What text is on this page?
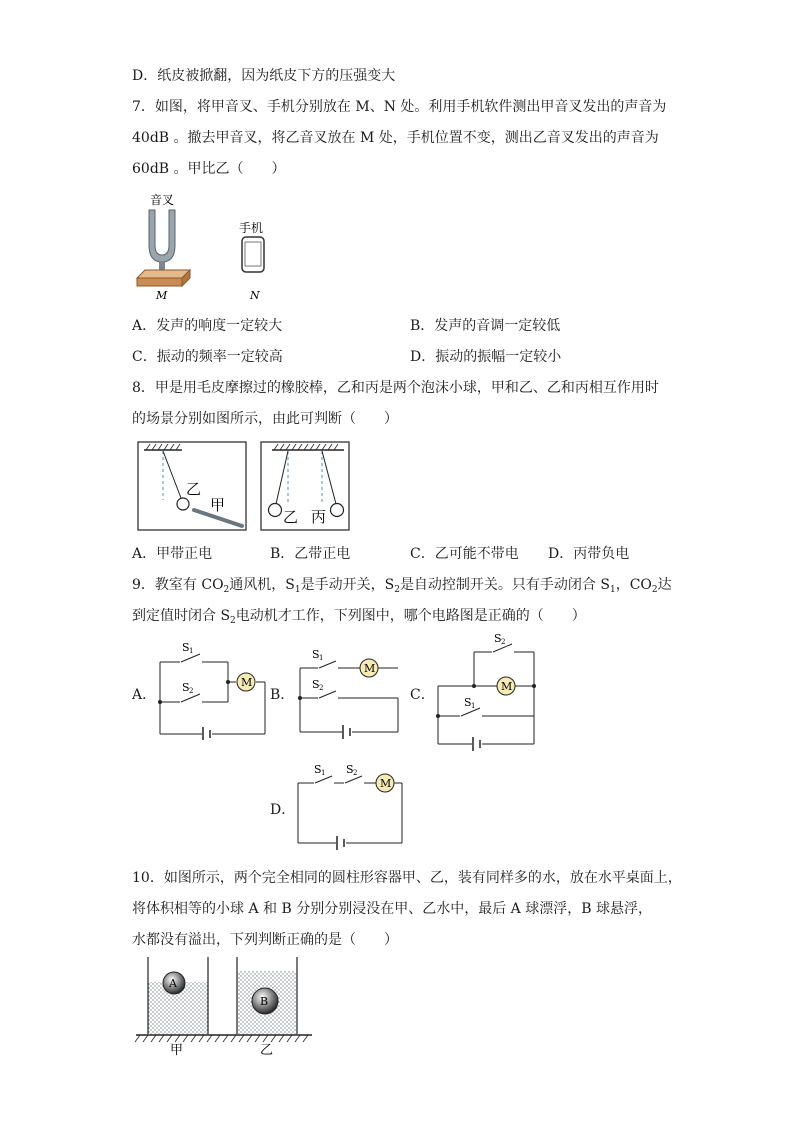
D．纸皮被掀翻，因为纸皮下方的压强变大
7．如图，将甲音叉、手机分别放在 M、N 处。利用手机软件测出甲音叉发出的声音为
40dB 。撤去甲音叉，将乙音叉放在 M 处，手机位置不变，测出乙音叉发出的声音为
60dB 。甲比乙（　　）
音叉
M
手机
N
A．发声的响度一定较大	B．发声的音调一定较低
C．振动的频率一定较高	D．振动的振幅一定较小
8．甲是用毛皮摩擦过的橡胶棒，乙和丙是两个泡沫小球，甲和乙、乙和丙相互作用时
的场景分别如图所示，由此可判断（　　）
乙
甲
乙 丙
A．甲带正电	B．乙带正电	C．乙可能不带电 D．丙带负电
9．教室有 $CO_2$通风机，$S_1$是手动开关，$S_2$是自动控制开关。只有手动闭合 $S_1$，$CO_2$达
到定值时闭合 $S_2$电动机才工作，下列图中，哪个电路图是正确的（　　）
A．	B．	C．
D．
M
S 1
S 2
M
S 1
S 2	M
S 2
S 1
M
S 1 S 2
10．如图所示，两个完全相同的圆柱形容器甲、乙，装有同样多的水，放在水平桌面上，
将体积相等的小球 A 和 B 分别分别浸没在甲、乙水中，最后 A 球漂浮，B 球悬浮，
水都没有溢出，下列判断正确的是（　　）
A
B
甲	乙
